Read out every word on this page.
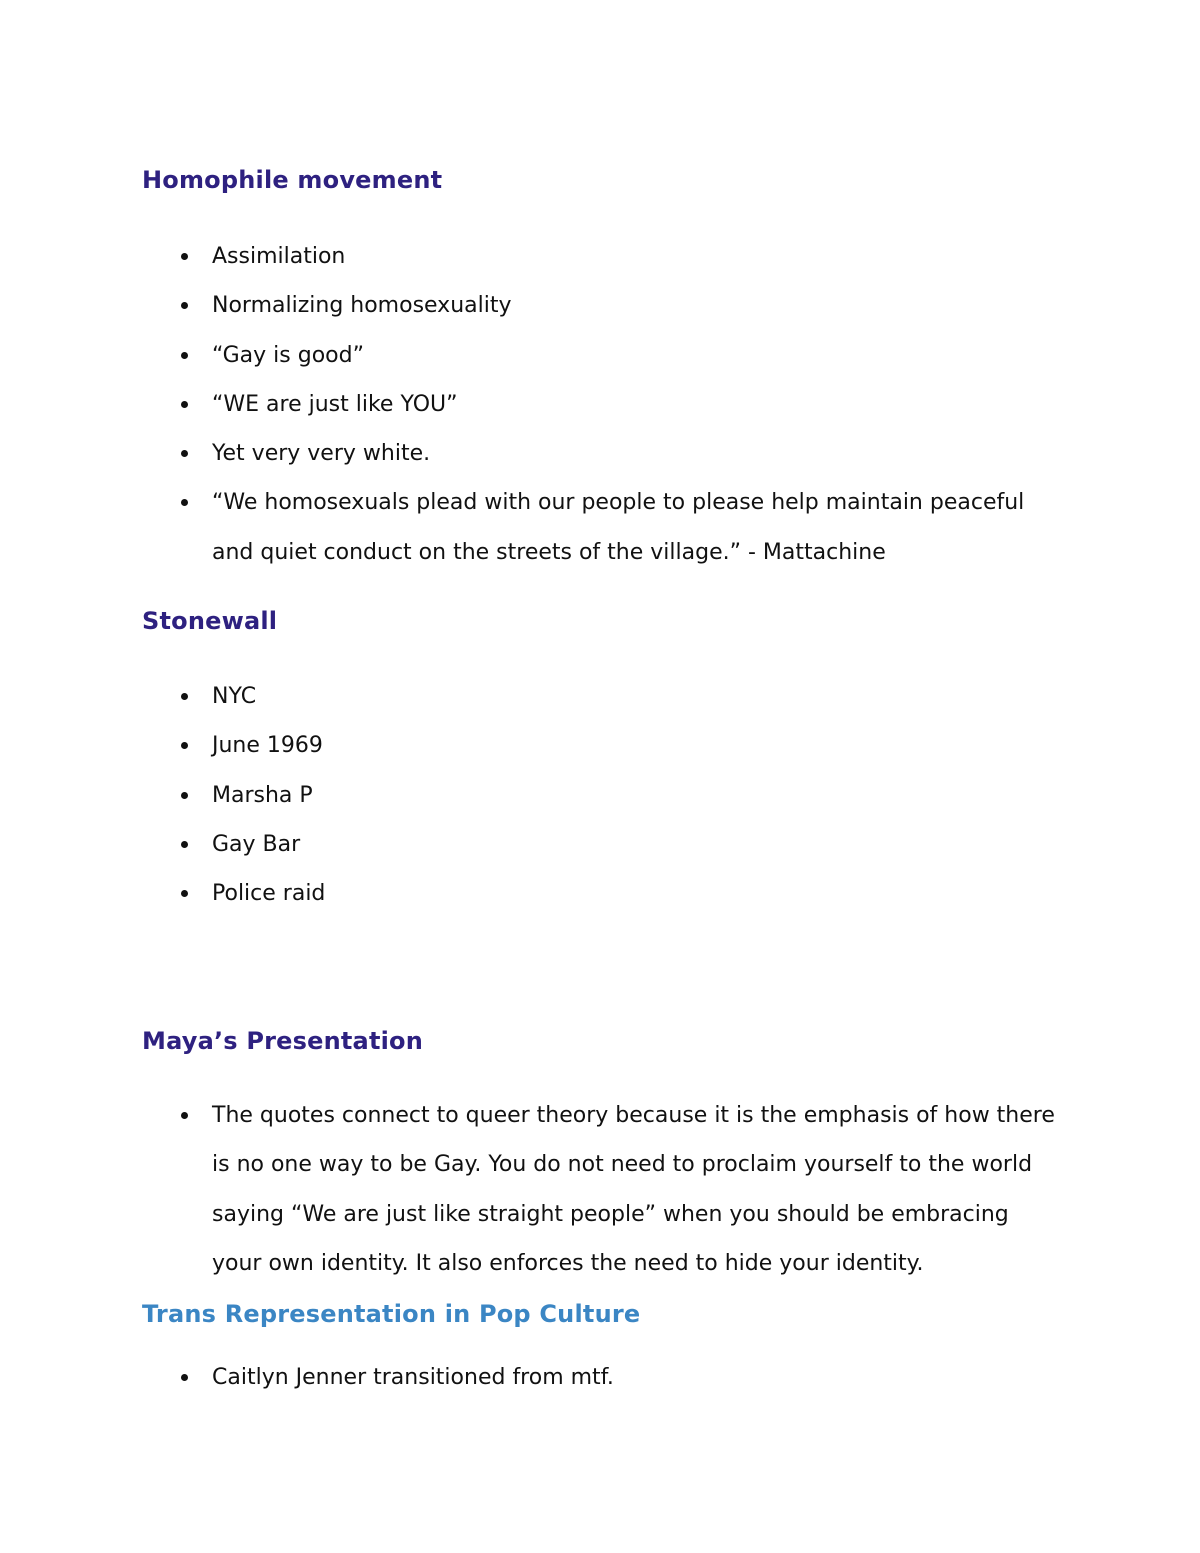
Homophile movement
Assimilation
Normalizing homosexuality
“Gay is good”
“WE are just like YOU”
Yet very very white.
“We homosexuals plead with our people to please help maintain peaceful and quiet conduct on the streets of the village.” - Mattachine
Stonewall
NYC
June 1969
Marsha P
Gay Bar
Police raid
Maya’s Presentation
The quotes connect to queer theory because it is the emphasis of how there is no one way to be Gay. You do not need to proclaim yourself to the world saying “We are just like straight people” when you should be embracing your own identity. It also enforces the need to hide your identity.
Trans Representation in Pop Culture
Caitlyn Jenner transitioned from mtf.
